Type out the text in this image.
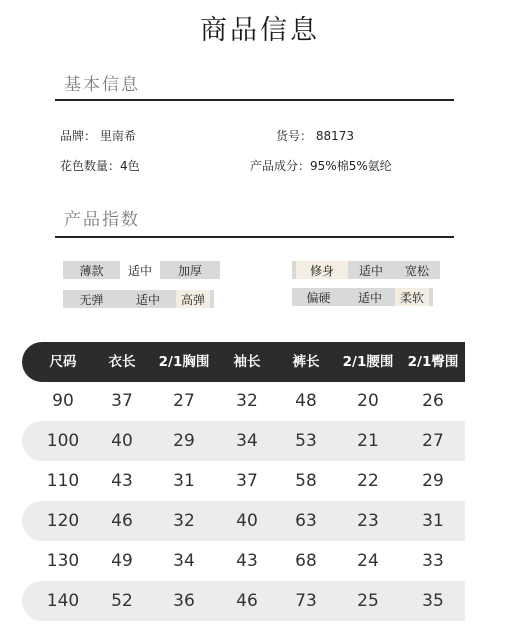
商品信息
基本信息
品牌： 里南希	货号： 88173
花色数量：4色	产品成分：95%棉5%氨纶
产品指数
薄款	适中	加厚
无弹	适中	高弹
修身	适中	宽松
偏硬	适中	柔软
尺码	衣长	2/1胸围	袖长	裤长	2/1腰围	2/1臀围
90	37	27	32	48	20	26
100	40	29	34	53	21	27
110	43	31	37	58	22	29
120	46	32	40	63	23	31
130	49	34	43	68	24	33
140	52	36	46	73	25	35
